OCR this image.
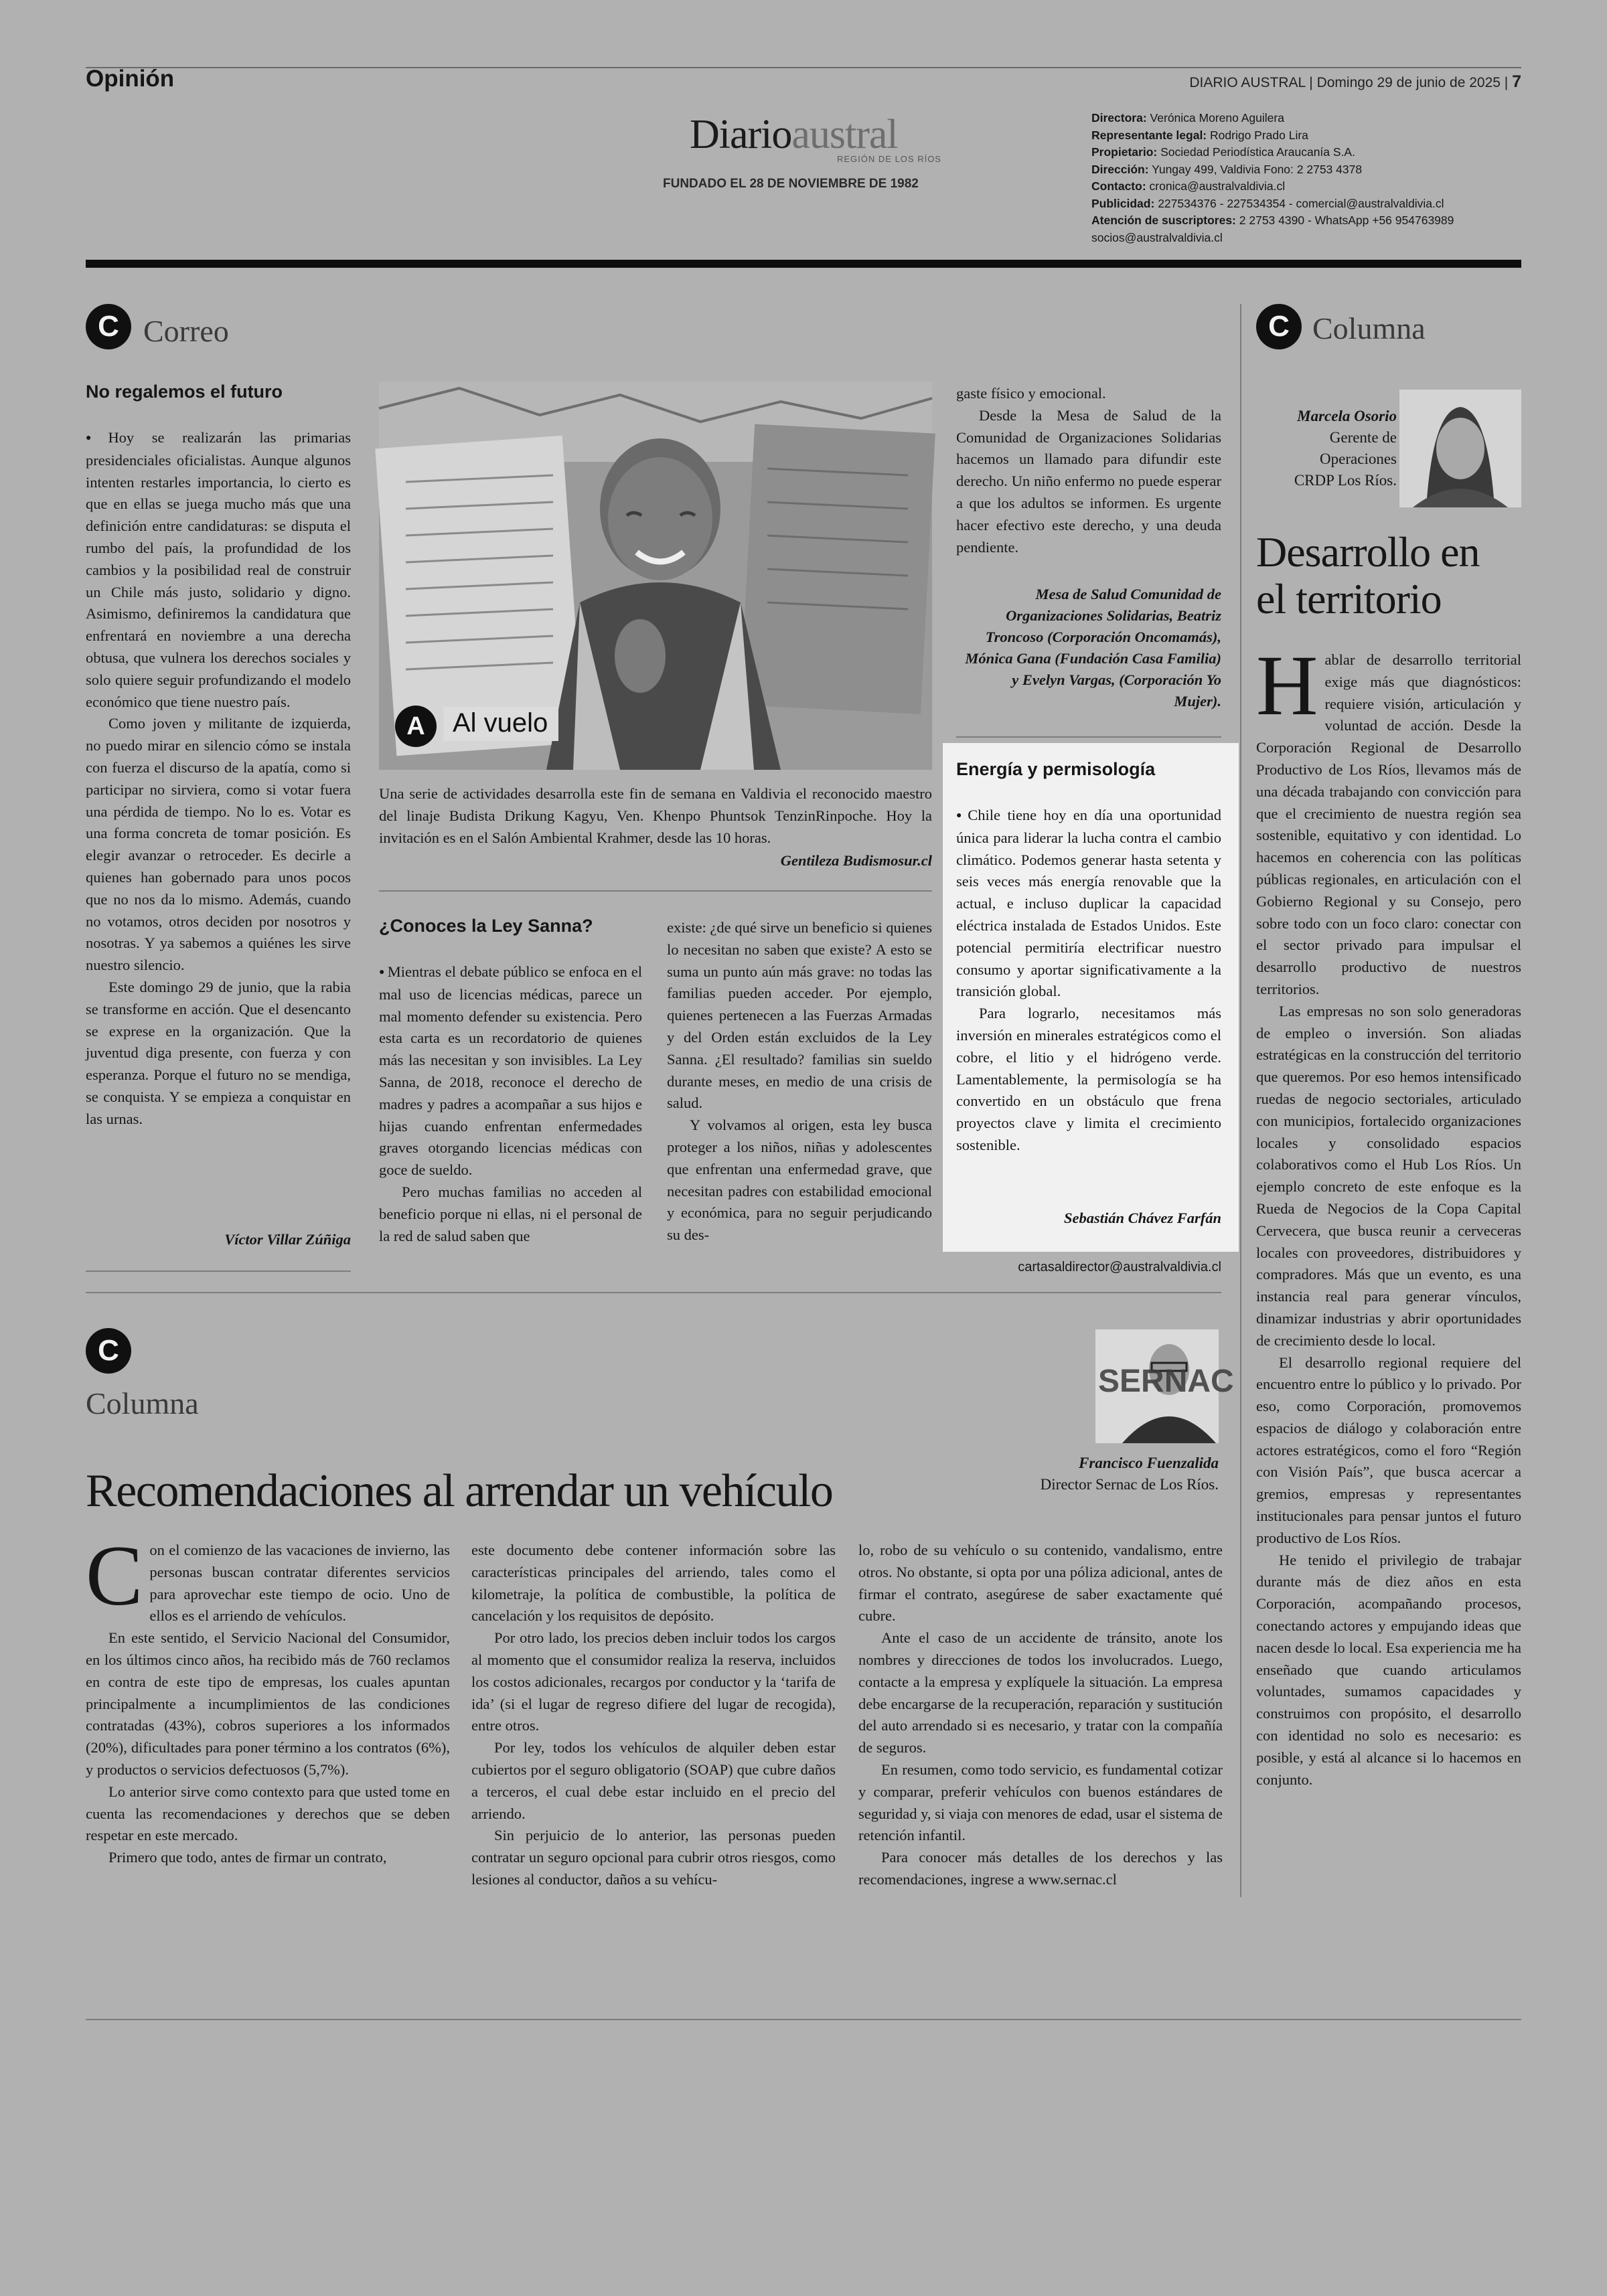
Opinión	DIARIO AUSTRAL | Domingo 29 de junio de 2025 | 7
Diarioaustral
REGIÓN DE LOS RÍOS
FUNDADO EL 28 DE NOVIEMBRE DE 1982
Directora: Verónica Moreno Aguilera
Representante legal: Rodrigo Prado Lira
Propietario: Sociedad Periodística Araucanía S.A.
Dirección: Yungay 499, Valdivia Fono: 2 2753 4378
Contacto: cronica@australvaldivia.cl
Publicidad: 227534376 - 227534354 - comercial@australvaldivia.cl
Atención de suscriptores: 2 2753 4390 - WhatsApp +56 954763989
socios@australvaldivia.cl
C Correo
No regalemos el futuro

● Hoy se realizarán las primarias presidenciales oficialistas. Aunque algunos intenten restarles importancia, lo cierto es que en ellas se juega mucho más que una definición entre candidaturas: se disputa el rumbo del país, la profundidad de los cambios y la posibilidad real de construir un Chile más justo, solidario y digno. Asimismo, definiremos la candidatura que enfrentará en noviembre a una derecha obtusa, que vulnera los derechos sociales y solo quiere seguir profundizando el modelo económico que tiene nuestro país.

Como joven y militante de izquierda, no puedo mirar en silencio cómo se instala con fuerza el discurso de la apatía, como si participar no sirviera, como si votar fuera una pérdida de tiempo. No lo es. Votar es una forma concreta de tomar posición. Es elegir avanzar o retroceder. Es decirle a quienes han gobernado para unos pocos que no nos da lo mismo. Además, cuando no votamos, otros deciden por nosotros y nosotras. Y ya sabemos a quiénes les sirve nuestro silencio.

Este domingo 29 de junio, que la rabia se transforme en acción. Que el desencanto se exprese en la organización. Que la juventud diga presente, con fuerza y con esperanza. Porque el futuro no se mendiga, se conquista. Y se empieza a conquistar en las urnas.

Víctor Villar Zúñiga
A	Al vuelo
Una serie de actividades desarrolla este fin de semana en Valdivia el reconocido maestro del linaje Budista Drikung Kagyu, Ven. Khenpo Phuntsok TenzinRinpoche. Hoy la invitación es en el Salón Ambiental Krahmer, desde las 10 horas.
Gentileza Budismosur.cl
¿Conoces la Ley Sanna?

● Mientras el debate público se enfoca en el mal uso de licencias médicas, parece un mal momento defender su existencia. Pero esta carta es un recordatorio de quienes más las necesitan y son invisibles. La Ley Sanna, de 2018, reconoce el derecho de madres y padres a acompañar a sus hijos e hijas cuando enfrentan enfermedades graves otorgando licencias médicas con goce de sueldo.

Pero muchas familias no acceden al beneficio porque ni ellas, ni el personal de la red de salud saben que

existe: ¿de qué sirve un beneficio si quienes lo necesitan no saben que existe? A esto se suma un punto aún más grave: no todas las familias pueden acceder. Por ejemplo, quienes pertenecen a las Fuerzas Armadas y del Orden están excluidos de la Ley Sanna. ¿El resultado? familias sin sueldo durante meses, en medio de una crisis de salud.

Y volvamos al origen, esta ley busca proteger a los niños, niñas y adolescentes que enfrentan una enfermedad grave, que necesitan padres con estabilidad emocional y económica, para no seguir perjudicando su des-

gaste físico y emocional.

Desde la Mesa de Salud de la Comunidad de Organizaciones Solidarias hacemos un llamado para difundir este derecho. Un niño enfermo no puede esperar a que los adultos se informen. Es urgente hacer efectivo este derecho, y una deuda pendiente.

Mesa de Salud Comunidad de Organizaciones Solidarias, Beatriz Troncoso (Corporación Oncomamás), Mónica Gana (Fundación Casa Familia) y Evelyn Vargas, (Corporación Yo Mujer).
Energía y permisología

● Chile tiene hoy en día una oportunidad única para liderar la lucha contra el cambio climático. Podemos generar hasta setenta y seis veces más energía renovable que la actual, e incluso duplicar la capacidad eléctrica instalada de Estados Unidos. Este potencial permitiría electrificar nuestro consumo y aportar significativamente a la transición global.

Para lograrlo, necesitamos más inversión en minerales estratégicos como el cobre, el litio y el hidrógeno verde. Lamentablemente, la permisología se ha convertido en un obstáculo que frena proyectos clave y limita el crecimiento sostenible.

Sebastián Chávez Farfán
cartasaldirector@australvaldivia.cl
C Columna
Marcela Osorio
Gerente de
Operaciones
CRDP Los Ríos.
Desarrollo en
el territorio

Hablar de desarrollo territorial exige más que diagnósticos: requiere visión, articulación y voluntad de acción. Desde la Corporación Regional de Desarrollo Productivo de Los Ríos, llevamos más de una década trabajando con convicción para que el crecimiento de nuestra región sea sostenible, equitativo y con identidad. Lo hacemos en coherencia con las políticas públicas regionales, en articulación con el Gobierno Regional y su Consejo, pero sobre todo con un foco claro: conectar con el sector privado para impulsar el desarrollo productivo de nuestros territorios.

Las empresas no son solo generadoras de empleo o inversión. Son aliadas estratégicas en la construcción del territorio que queremos. Por eso hemos intensificado ruedas de negocio sectoriales, articulado con municipios, fortalecido organizaciones locales y consolidado espacios colaborativos como el Hub Los Ríos. Un ejemplo concreto de este enfoque es la Rueda de Negocios de la Copa Capital Cervecera, que busca reunir a cerveceras locales con proveedores, distribuidores y compradores. Más que un evento, es una instancia real para generar vínculos, dinamizar industrias y abrir oportunidades de crecimiento desde lo local.

El desarrollo regional requiere del encuentro entre lo público y lo privado. Por eso, como Corporación, promovemos espacios de diálogo y colaboración entre actores estratégicos, como el foro “Región con Visión País”, que busca acercar a gremios, empresas y representantes institucionales para pensar juntos el futuro productivo de Los Ríos.

He tenido el privilegio de trabajar durante más de diez años en esta Corporación, acompañando procesos, conectando actores y empujando ideas que nacen desde lo local. Esa experiencia me ha enseñado que cuando articulamos voluntades, sumamos capacidades y construimos con propósito, el desarrollo con identidad no solo es necesario: es posible, y está al alcance si lo hacemos en conjunto.

C
Columna
SERNAC
Francisco Fuenzalida
Director Sernac de Los Ríos.
Recomendaciones al arrendar un vehículo

Con el comienzo de las vacaciones de invierno, las personas buscan contratar diferentes servicios para aprovechar este tiempo de ocio. Uno de ellos es el arriendo de vehículos.

En este sentido, el Servicio Nacional del Consumidor, en los últimos cinco años, ha recibido más de 760 reclamos en contra de este tipo de empresas, los cuales apuntan principalmente a incumplimientos de las condiciones contratadas (43%), cobros superiores a los informados (20%), dificultades para poner término a los contratos (6%), y productos o servicios defectuosos (5,7%).

Lo anterior sirve como contexto para que usted tome en cuenta las recomendaciones y derechos que se deben respetar en este mercado.

Primero que todo, antes de firmar un contrato,

este documento debe contener información sobre las características principales del arriendo, tales como el kilometraje, la política de combustible, la política de cancelación y los requisitos de depósito.

Por otro lado, los precios deben incluir todos los cargos al momento que el consumidor realiza la reserva, incluidos los costos adicionales, recargos por conductor y la ‘tarifa de ida’ (si el lugar de regreso difiere del lugar de recogida), entre otros.

Por ley, todos los vehículos de alquiler deben estar cubiertos por el seguro obligatorio (SOAP) que cubre daños a terceros, el cual debe estar incluido en el precio del arriendo.

Sin perjuicio de lo anterior, las personas pueden contratar un seguro opcional para cubrir otros riesgos, como lesiones al conductor, daños a su vehícu-

lo, robo de su vehículo o su contenido, vandalismo, entre otros. No obstante, si opta por una póliza adicional, antes de firmar el contrato, asegúrese de saber exactamente qué cubre.

Ante el caso de un accidente de tránsito, anote los nombres y direcciones de todos los involucrados. Luego, contacte a la empresa y explíquele la situación. La empresa debe encargarse de la recuperación, reparación y sustitución del auto arrendado si es necesario, y tratar con la compañía de seguros.

En resumen, como todo servicio, es fundamental cotizar y comparar, preferir vehículos con buenos estándares de seguridad y, si viaja con menores de edad, usar el sistema de retención infantil.

Para conocer más detalles de los derechos y las recomendaciones, ingrese a www.sernac.cl
